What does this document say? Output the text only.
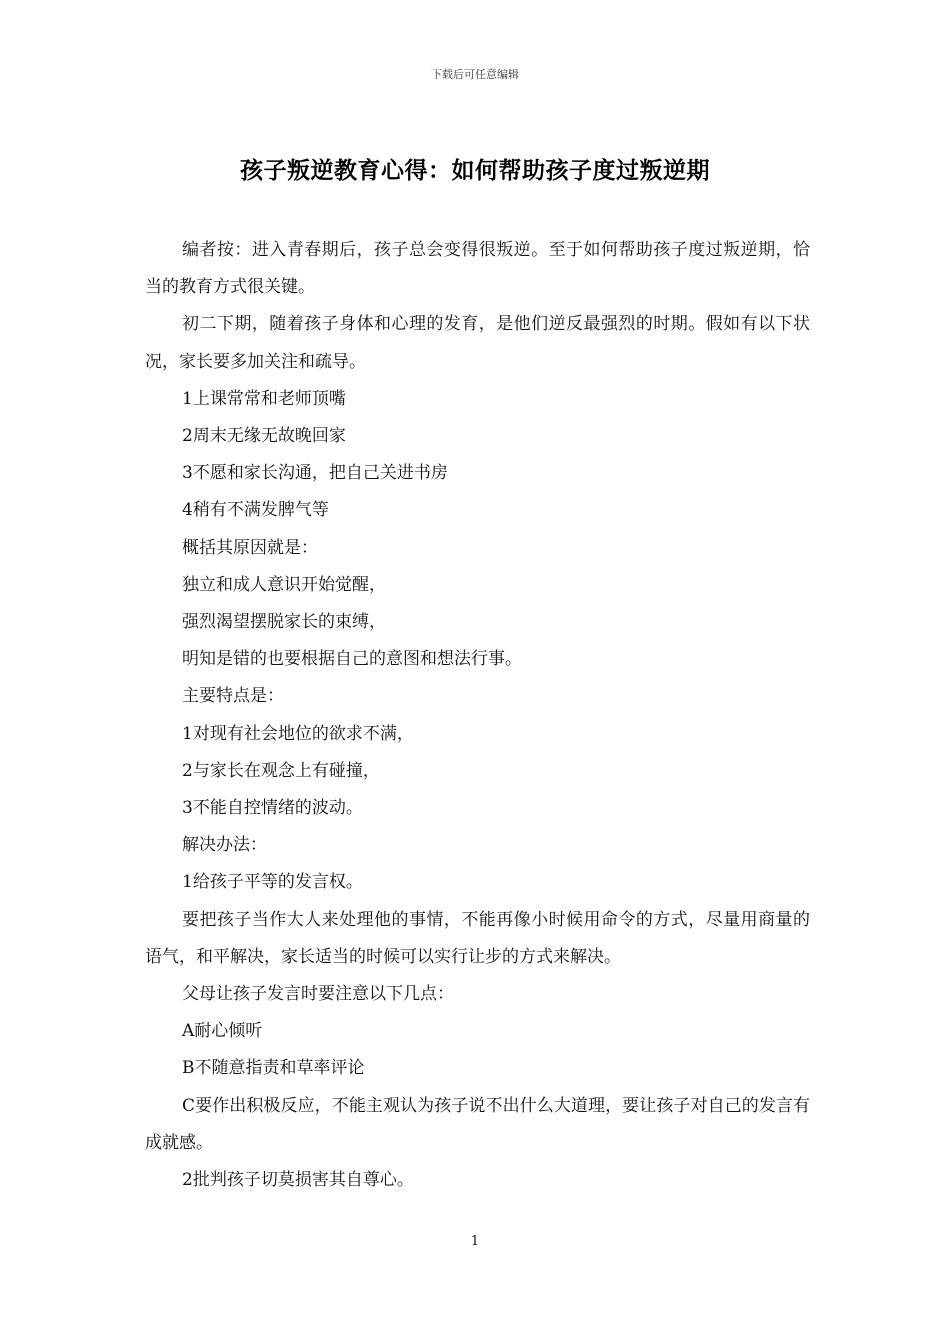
下载后可任意编辑
孩子叛逆教育心得：如何帮助孩子度过叛逆期

编者按：进入青春期后，孩子总会变得很叛逆。至于如何帮助孩子度过叛逆期，恰当的教育方式很关键。

初二下期，随着孩子身体和心理的发育，是他们逆反最强烈的时期。假如有以下状况，家长要多加关注和疏导。

1上课常常和老师顶嘴

2周末无缘无故晚回家

3不愿和家长沟通，把自己关进书房

4稍有不满发脾气等

概括其原因就是：

独立和成人意识开始觉醒，

强烈渴望摆脱家长的束缚，

明知是错的也要根据自己的意图和想法行事。

主要特点是：

1对现有社会地位的欲求不满，

2与家长在观念上有碰撞，

3不能自控情绪的波动。

解决办法：

1给孩子平等的发言权。

要把孩子当作大人来处理他的事情，不能再像小时候用命令的方式，尽量用商量的语气，和平解决，家长适当的时候可以实行让步的方式来解决。

父母让孩子发言时要注意以下几点：

A耐心倾听

B不随意指责和草率评论

C要作出积极反应，不能主观认为孩子说不出什么大道理，要让孩子对自己的发言有成就感。

2批判孩子切莫损害其自尊心。

1
